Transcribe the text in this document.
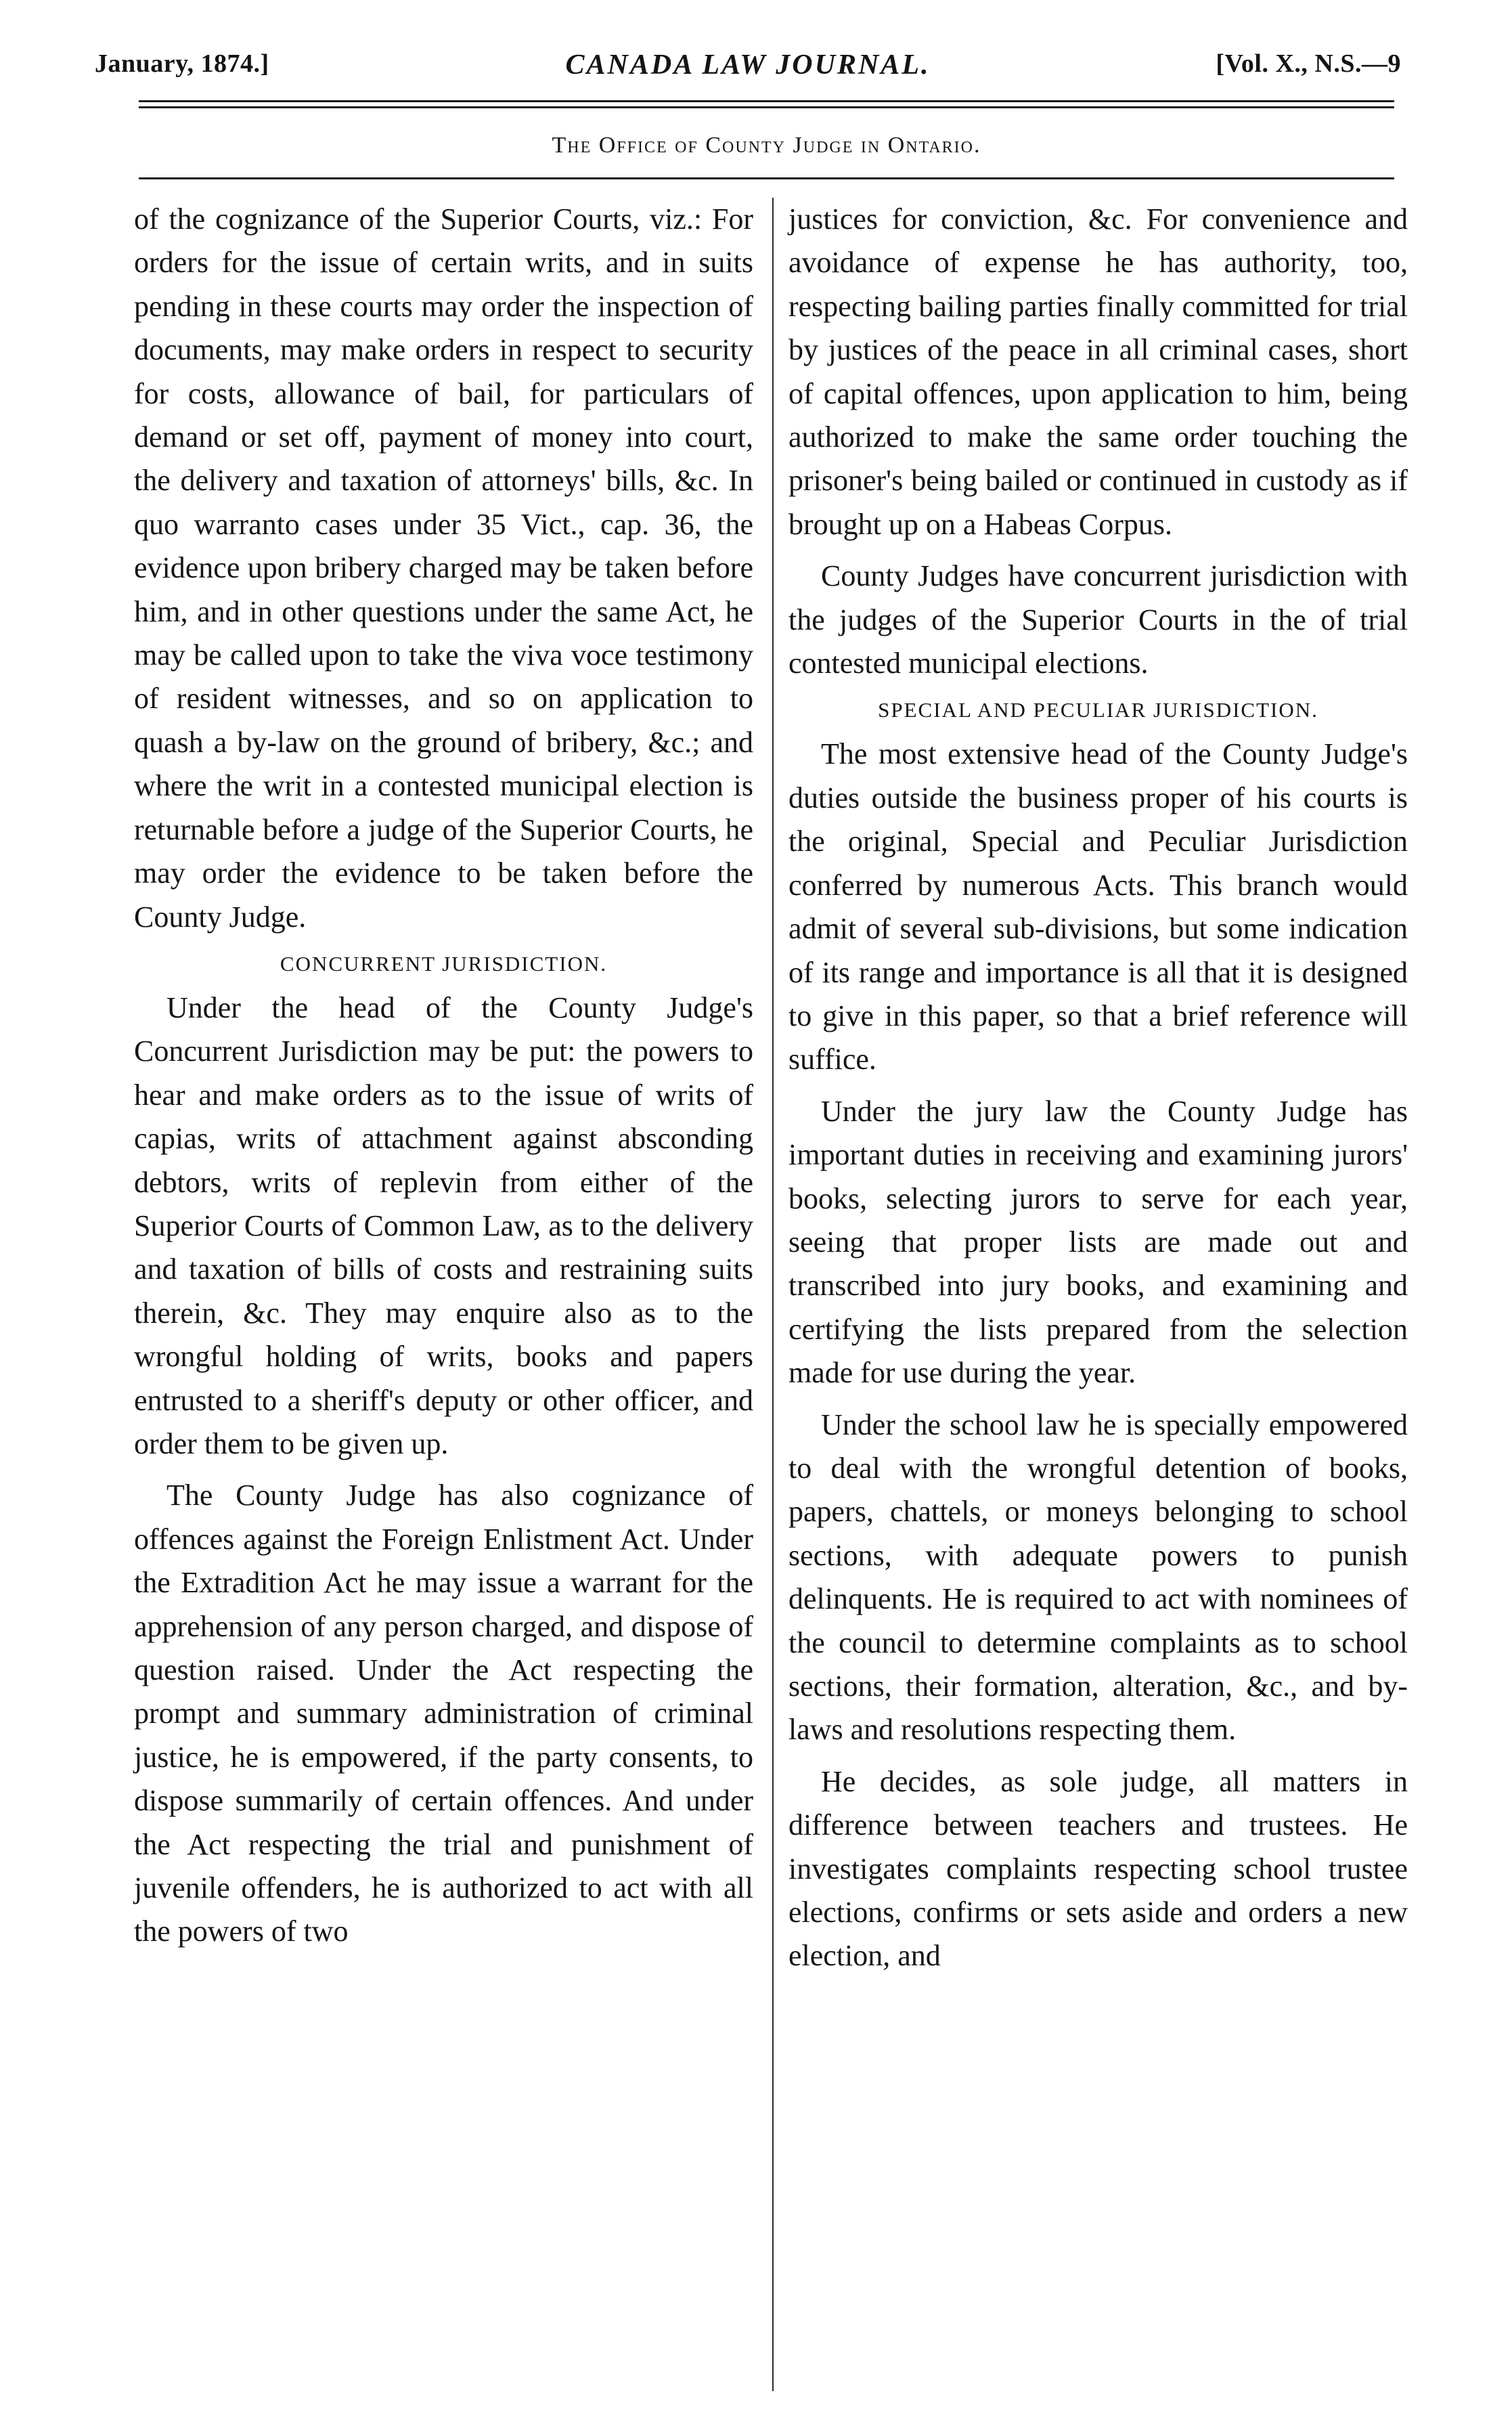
January, 1874.]	CANADA LAW JOURNAL.	[Vol. X., N.S.—9
The Office of County Judge in Ontario.

of the cognizance of the Superior Courts, viz.: For orders for the issue of certain writs, and in suits pending in these courts may order the inspection of documents, may make orders in respect to security for costs, allowance of bail, for particulars of demand or set off, payment of money into court, the delivery and taxation of attorneys' bills, &c. In quo warranto cases under 35 Vict., cap. 36, the evidence upon bribery charged may be taken before him, and in other questions under the same Act, he may be called upon to take the viva voce testimony of resident witnesses, and so on application to quash a by-law on the ground of bribery, &c.; and where the writ in a contested municipal election is returnable before a judge of the Superior Courts, he may order the evidence to be taken before the County Judge.

CONCURRENT JURISDICTION.

Under the head of the County Judge's Concurrent Jurisdiction may be put: the powers to hear and make orders as to the issue of writs of capias, writs of attachment against absconding debtors, writs of replevin from either of the Superior Courts of Common Law, as to the delivery and taxation of bills of costs and restraining suits therein, &c. They may enquire also as to the wrongful holding of writs, books and papers entrusted to a sheriff's deputy or other officer, and order them to be given up.

The County Judge has also cognizance of offences against the Foreign Enlistment Act. Under the Extradition Act he may issue a warrant for the apprehension of any person charged, and dispose of question raised. Under the Act respecting the prompt and summary administration of criminal justice, he is empowered, if the party consents, to dispose summarily of certain offences. And under the Act respecting the trial and punishment of juvenile offenders, he is authorized to act with all the powers of two

justices for conviction, &c. For convenience and avoidance of expense he has authority, too, respecting bailing parties finally committed for trial by justices of the peace in all criminal cases, short of capital offences, upon application to him, being authorized to make the same order touching the prisoner's being bailed or continued in custody as if brought up on a Habeas Corpus.

County Judges have concurrent jurisdiction with the judges of the Superior Courts in the of trial contested municipal elections.

SPECIAL AND PECULIAR JURISDICTION.

The most extensive head of the County Judge's duties outside the business proper of his courts is the original, Special and Peculiar Jurisdiction conferred by numerous Acts. This branch would admit of several sub-divisions, but some indication of its range and importance is all that it is designed to give in this paper, so that a brief reference will suffice.

Under the jury law the County Judge has important duties in receiving and examining jurors' books, selecting jurors to serve for each year, seeing that proper lists are made out and transcribed into jury books, and examining and certifying the lists prepared from the selection made for use during the year.

Under the school law he is specially empowered to deal with the wrongful detention of books, papers, chattels, or moneys belonging to school sections, with adequate powers to punish delinquents. He is required to act with nominees of the council to determine complaints as to school sections, their formation, alteration, &c., and by-laws and resolutions respecting them.

He decides, as sole judge, all matters in difference between teachers and trustees. He investigates complaints respecting school trustee elections, confirms or sets aside and orders a new election, and
